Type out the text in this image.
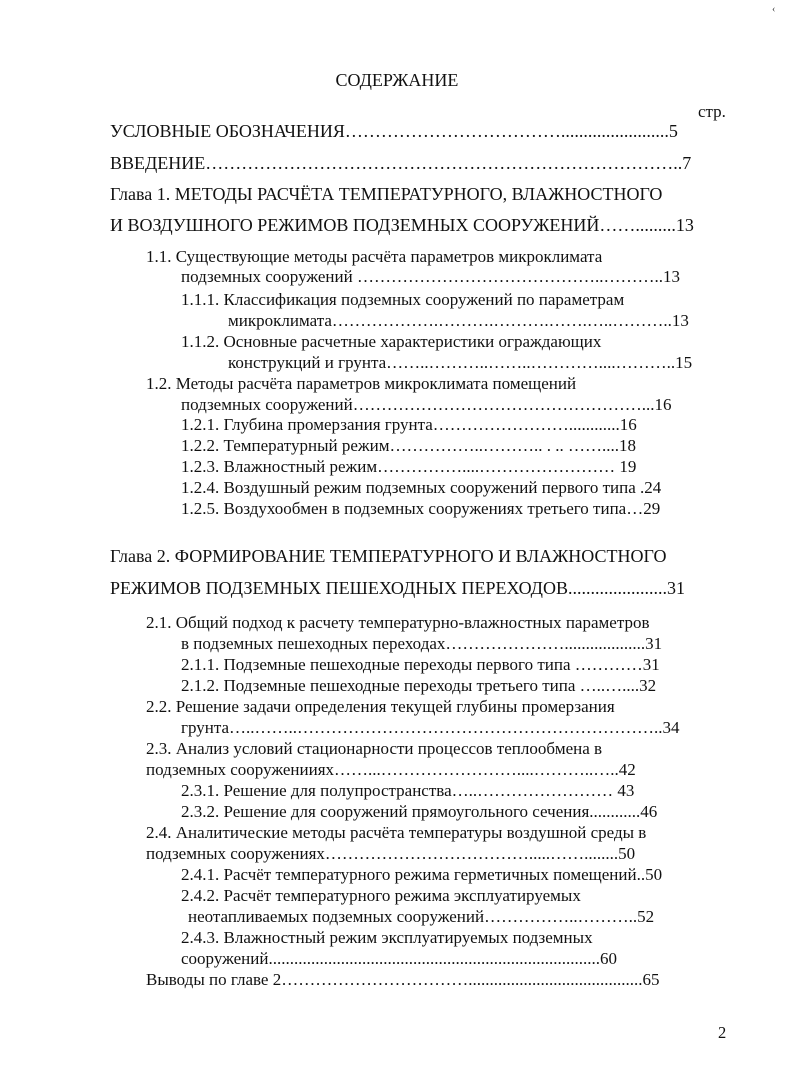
‹
СОДЕРЖАНИЕ
стр.
УСЛОВНЫЕ ОБОЗНАЧЕНИЯ………………………………........................5
ВВЕДЕНИЕ……………………………………………………………………..7
Глава 1. МЕТОДЫ РАСЧЁТА ТЕМПЕРАТУРНОГО, ВЛАЖНОСТНОГО
И ВОЗДУШНОГО РЕЖИМОВ ПОДЗЕМНЫХ СООРУЖЕНИЙ…….........13
1.1. Существующие методы расчёта параметров микроклимата
подземных сооружений ……………………………………..………..13
1.1.1. Классификация подземных сооружений по параметрам
микроклимата……………….……….……….…….…..………..13
1.1.2. Основные расчетные характеристики ограждающих
конструкций и грунта……..………..……..…………....………..15
1.2. Методы расчёта параметров микроклимата помещений
подземных сооружений……………………………………………...16
1.2.1. Глубина промерзания грунта……………………............16
1.2.2. Температурный режим……………..……….. . .. ……....18
1.2.3. Влажностный режим……………....…………………… 19
1.2.4. Воздушный режим подземных сооружений первого типа .24
1.2.5. Воздухообмен в подземных сооружениях третьего типа…29
Глава 2. ФОРМИРОВАНИЕ ТЕМПЕРАТУРНОГО И ВЛАЖНОСТНОГО
РЕЖИМОВ ПОДЗЕМНЫХ ПЕШЕХОДНЫХ ПЕРЕХОДОВ......................31
2.1. Общий подход к расчету температурно-влажностных параметров
в подземных пешеходных переходах…………………...................31
2.1.1. Подземные пешеходные переходы первого типа …………31
2.1.2. Подземные пешеходные переходы третьего типа …..…....32
2.2. Решение задачи определения текущей глубины промерзания
грунта…..……..………………………………………………………..34
2.3. Анализ условий стационарности процессов теплообмена в
подземных сооруженииях……...……………………....………..…..42
2.3.1. Решение для полупространства…..…………………… 43
2.3.2. Решение для сооружений прямоугольного сечения............46
2.4. Аналитические методы расчёта температуры воздушной среды в
подземных сооружениях……………………………….....……........50
2.4.1. Расчёт температурного режима герметичных помещений..50
2.4.2. Расчёт температурного режима эксплуатируемых
неотапливаемых подземных сооружений……………..………..52
2.4.3. Влажностный режим эксплуатируемых подземных
сооружений..............................................................................60
Выводы по главе 2…………………………….........................................65
2
